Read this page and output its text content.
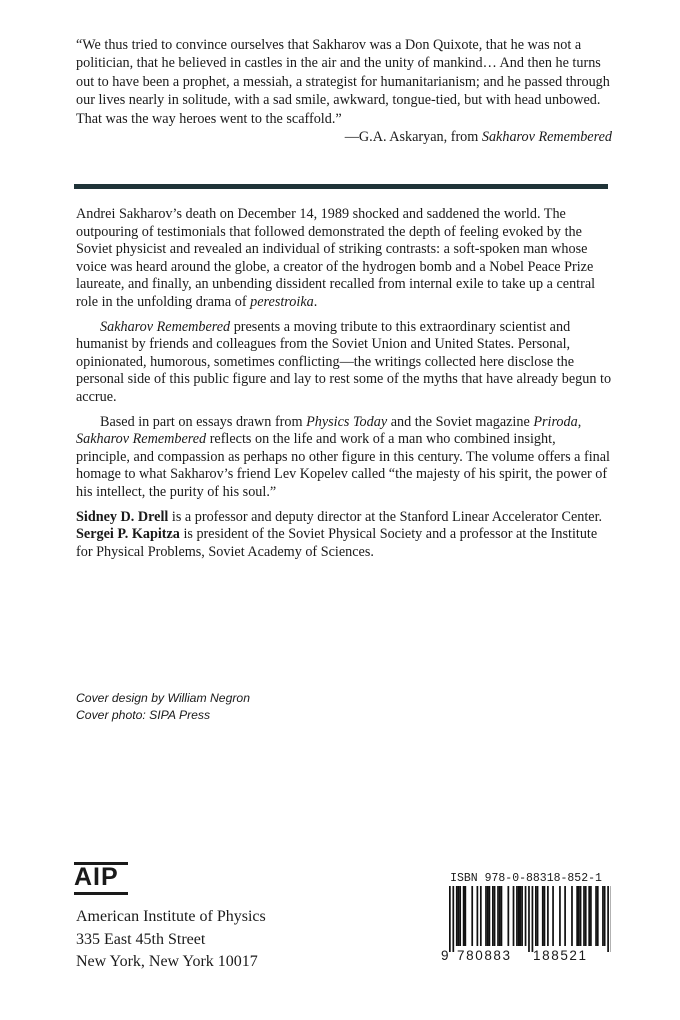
“We thus tried to convince ourselves that Sakharov was a Don Quixote, that he was not a politician, that he believed in castles in the air and the unity of mankind… And then he turns out to have been a prophet, a messiah, a strategist for humanitarianism; and he passed through our lives nearly in solitude, with a sad smile, awkward, tongue-tied, but with head unbowed. That was the way heroes went to the scaffold.”

—G.A. Askaryan, from Sakharov Remembered

Andrei Sakharov’s death on December 14, 1989 shocked and saddened the world. The outpouring of testimonials that followed demonstrated the depth of feeling evoked by the Soviet physicist and revealed an individual of striking contrasts: a soft-spoken man whose voice was heard around the globe, a creator of the hydrogen bomb and a Nobel Peace Prize laureate, and finally, an unbending dissident recalled from internal exile to take up a central role in the unfolding drama of perestroika.

Sakharov Remembered presents a moving tribute to this extraordinary scientist and humanist by friends and colleagues from the Soviet Union and United States. Personal, opinionated, humorous, sometimes conflicting—the writings collected here disclose the personal side of this public figure and lay to rest some of the myths that have already begun to accrue.

Based in part on essays drawn from Physics Today and the Soviet magazine Priroda, Sakharov Remembered reflects on the life and work of a man who combined insight, principle, and compassion as perhaps no other figure in this century. The volume offers a final homage to what Sakharov’s friend Lev Kopelev called “the majesty of his spirit, the power of his intellect, the purity of his soul.”

Sidney D. Drell is a professor and deputy director at the Stanford Linear Accelerator Center. Sergei P. Kapitza is president of the Soviet Physical Society and a professor at the Institute for Physical Problems, Soviet Academy of Sciences.

Cover design by William Negron
Cover photo: SIPA Press
AIP
American Institute of Physics
335 East 45th Street
New York, New York 10017
ISBN 978-0-88318-852-1
9 780883 188521
